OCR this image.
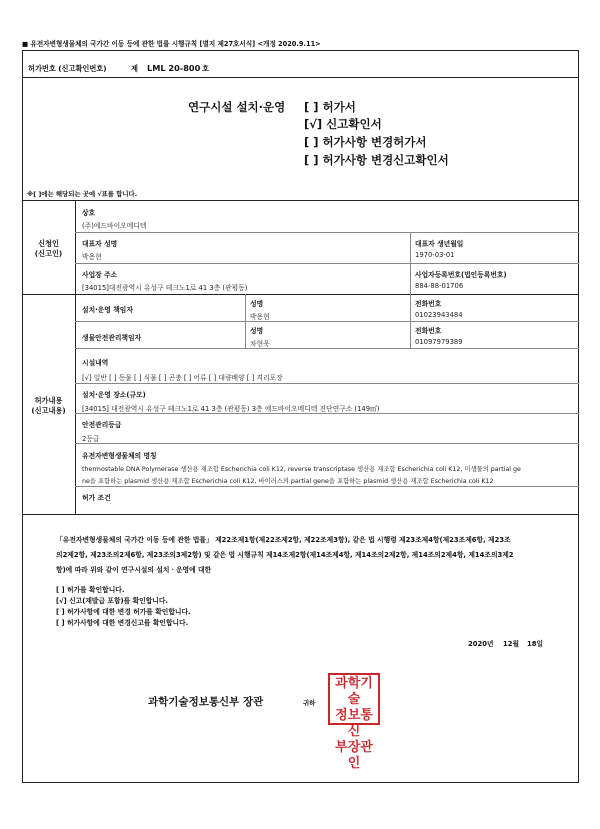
■ 유전자변형생물체의 국가간 이동 등에 관한 법률 시행규칙 [별지 제27호서식] <개정 2020.9.11>
허가번호 (신고확인번호)	제 LML 20-800 호
연구시설 설치·운영 [ ] 허가서
[√] 신고확인서
[ ] 허가사항 변경허가서
[ ] 허가사항 변경신고확인서
※[ ]에는 해당되는 곳에 √표를 합니다.
신청인
(신고인)
상호
(주)에드바이오메디텍
대표자 성명
박용현
대표자 생년월일
1970-03-01
사업장 주소
[34015]대전광역시 유성구 테크노1로 41 3층 (관평동)
사업자등록번호(법인등록번호)
884-88-01706
허가내용
(신고내용)
설치·운영 책임자
성명
박용현
전화번호
01023943484
생물안전관리책임자
성명
차현욱
전화번호
01097979389
시설내역
[√] 일반 [ ] 동물 [ ] 식물 [ ] 곤충 [ ] 어류 [ ] 대량배양 [ ] 격리포장
설치·운영 장소(규모)
[34015] 대전광역시 유성구 테크노1로 41 3층 (관평동) 3층 에드바이오메디텍 진단연구소 (149㎡)
안전관리등급
2등급
유전자변형생물체의 명칭
thermostable DNA Polymerase 생산용 재조합 Escherichia coli K12, reverse transcriptase 생산용 재조합 Escherichia coli K12, 미생물의 partial ge
ne을 포함하는 plasmid 생산용 재조합 Escherichia coli K12, 바이러스의 partial gene을 포함하는 plasmid 생산용 재조합 Escherichia coli K12
허가 조건
「유전자변형생물체의 국가간 이동 등에 관한 법률」 제22조제1항(제22조제2항, 제22조제3항), 같은 법 시행령 제23조제4항(제23조제6항, 제23조
의2제2항, 제23조의2제6항, 제23조의3제2항) 및 같은 법 시행규칙 제14조제2항(제14조제4항, 제14조의2제2항, 제14조의2제4항, 제14조의3제2
항)에 따라 위와 같이 연구시설의 설치ㆍ운영에 대한
[ ] 허가를 확인합니다.
[√] 신고(재발급 포함)를 확인합니다.
[ ] 허가사항에 대한 변경 허가를 확인합니다.
[ ] 허가사항에 대한 변경신고를 확인합니다.
2020년 12월 18일
과학기술정보통신부 장관	귀하
과학기술
정보통신
부장관인
